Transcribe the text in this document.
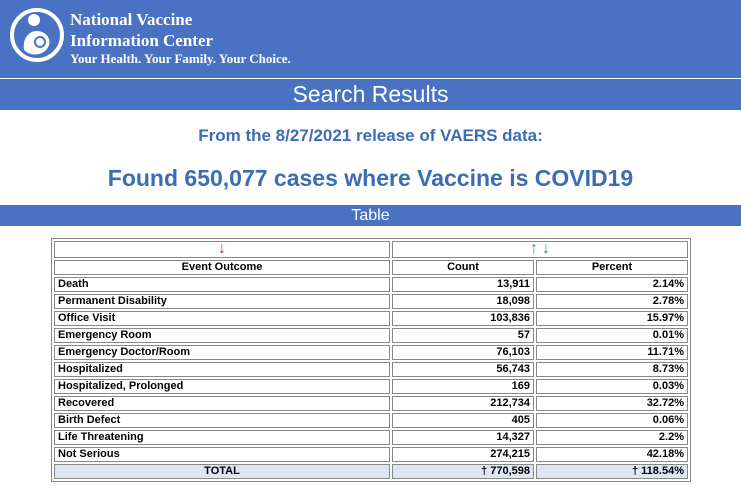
National Vaccine
Information Center
Your Health. Your Family. Your Choice.
Search Results
From the 8/27/2021 release of VAERS data:
Found 650,077 cases where Vaccine is COVID19
Table
↓	↑ ↓	
Event Outcome	Count	Percent
Death	13,911	2.14%
Permanent Disability	18,098	2.78%
Office Visit	103,836	15.97%
Emergency Room	57	0.01%
Emergency Doctor/Room	76,103	11.71%
Hospitalized	56,743	8.73%
Hospitalized, Prolonged	169	0.03%
Recovered	212,734	32.72%
Birth Defect	405	0.06%
Life Threatening	14,327	2.2%
Not Serious	274,215	42.18%
TOTAL	† 770,598	† 118.54%
